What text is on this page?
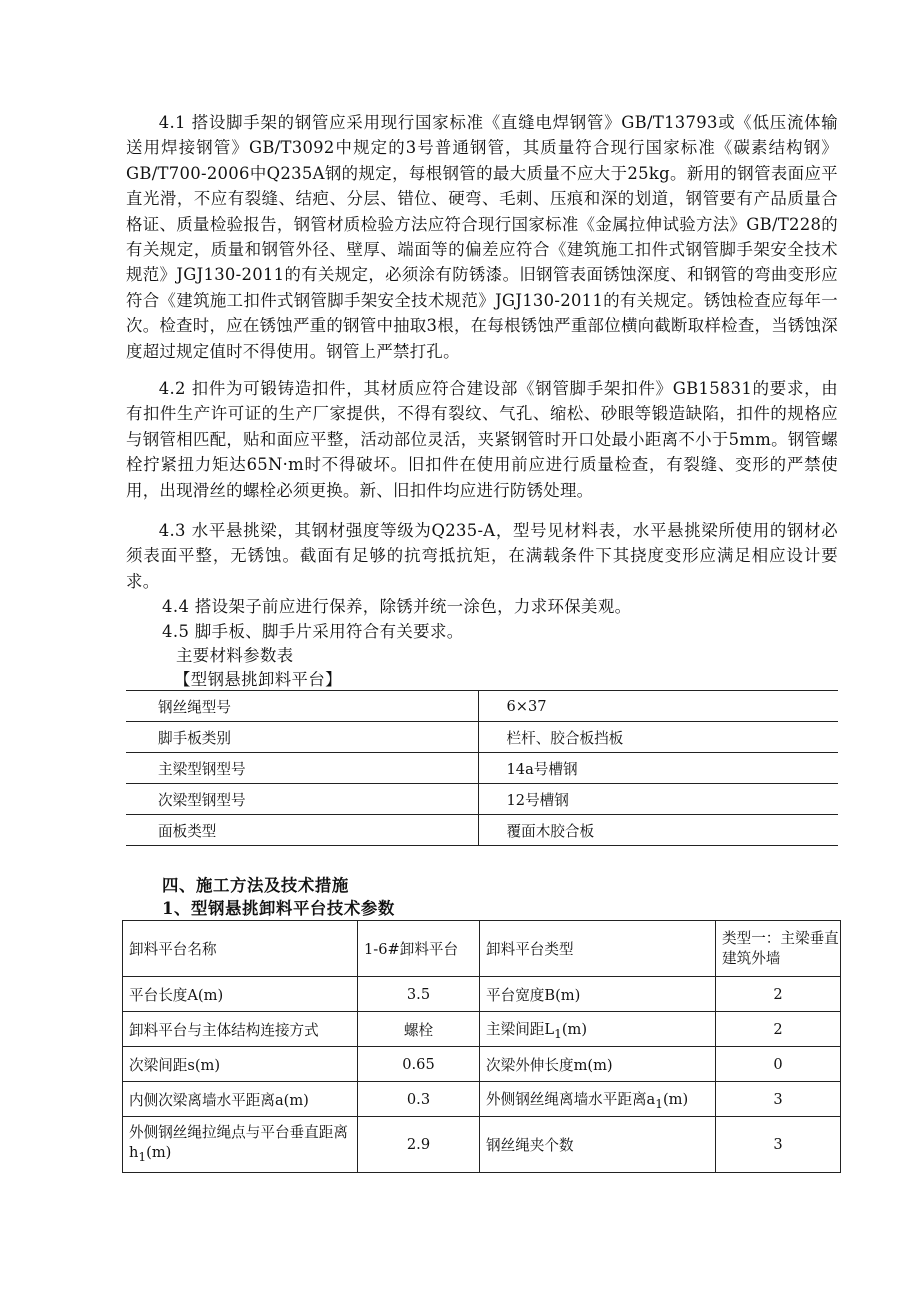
4.1 搭设脚手架的钢管应采用现行国家标准《直缝电焊钢管》GB/T13793或《低压流体输送用焊接钢管》GB/T3092中规定的3号普通钢管，其质量符合现行国家标准《碳素结构钢》GB/T700-2006中Q235A钢的规定，每根钢管的最大质量不应大于25kg。新用的钢管表面应平直光滑，不应有裂缝、结疤、分层、错位、硬弯、毛刺、压痕和深的划道，钢管要有产品质量合格证、质量检验报告，钢管材质检验方法应符合现行国家标准《金属拉伸试验方法》GB/T228的有关规定，质量和钢管外径、壁厚、端面等的偏差应符合《建筑施工扣件式钢管脚手架安全技术规范》JGJ130-2011的有关规定，必须涂有防锈漆。旧钢管表面锈蚀深度、和钢管的弯曲变形应符合《建筑施工扣件式钢管脚手架安全技术规范》JGJ130-2011的有关规定。锈蚀检查应每年一次。检查时，应在锈蚀严重的钢管中抽取3根，在每根锈蚀严重部位横向截断取样检查，当锈蚀深度超过规定值时不得使用。钢管上严禁打孔。

4.2 扣件为可锻铸造扣件，其材质应符合建设部《钢管脚手架扣件》GB15831的要求，由有扣件生产许可证的生产厂家提供，不得有裂纹、气孔、缩松、砂眼等锻造缺陷，扣件的规格应与钢管相匹配，贴和面应平整，活动部位灵活，夹紧钢管时开口处最小距离不小于5mm。钢管螺栓拧紧扭力矩达65N·m时不得破坏。旧扣件在使用前应进行质量检查，有裂缝、变形的严禁使用，出现滑丝的螺栓必须更换。新、旧扣件均应进行防锈处理。

4.3 水平悬挑梁，其钢材强度等级为Q235-A，型号见材料表，水平悬挑梁所使用的钢材必须表面平整，无锈蚀。截面有足够的抗弯抵抗矩，在满载条件下其挠度变形应满足相应设计要求。

4.4 搭设架子前应进行保养，除锈并统一涂色，力求环保美观。

4.5 脚手板、脚手片采用符合有关要求。

主要材料参数表

【型钢悬挑卸料平台】

钢丝绳型号	6×37
脚手板类别	栏杆、胶合板挡板
主梁型钢型号	14a号槽钢
次梁型钢型号	12号槽钢
面板类型	覆面木胶合板

四、施工方法及技术措施

1、型钢悬挑卸料平台技术参数

卸料平台名称	1-6#卸料平台	卸料平台类型	类型一：主梁垂直建筑外墙
平台长度A(m)	3.5	平台宽度B(m)	2
卸料平台与主体结构连接方式	螺栓	主梁间距$L_1(m)$	2
次梁间距s(m)	0.65	次梁外伸长度m(m)	0
内侧次梁离墙水平距离a(m)	0.3	外侧钢丝绳离墙水平距离$a_1(m)$	3
外侧钢丝绳拉绳点与平台垂直距离$h_1(m)$	2.9	钢丝绳夹个数	3
